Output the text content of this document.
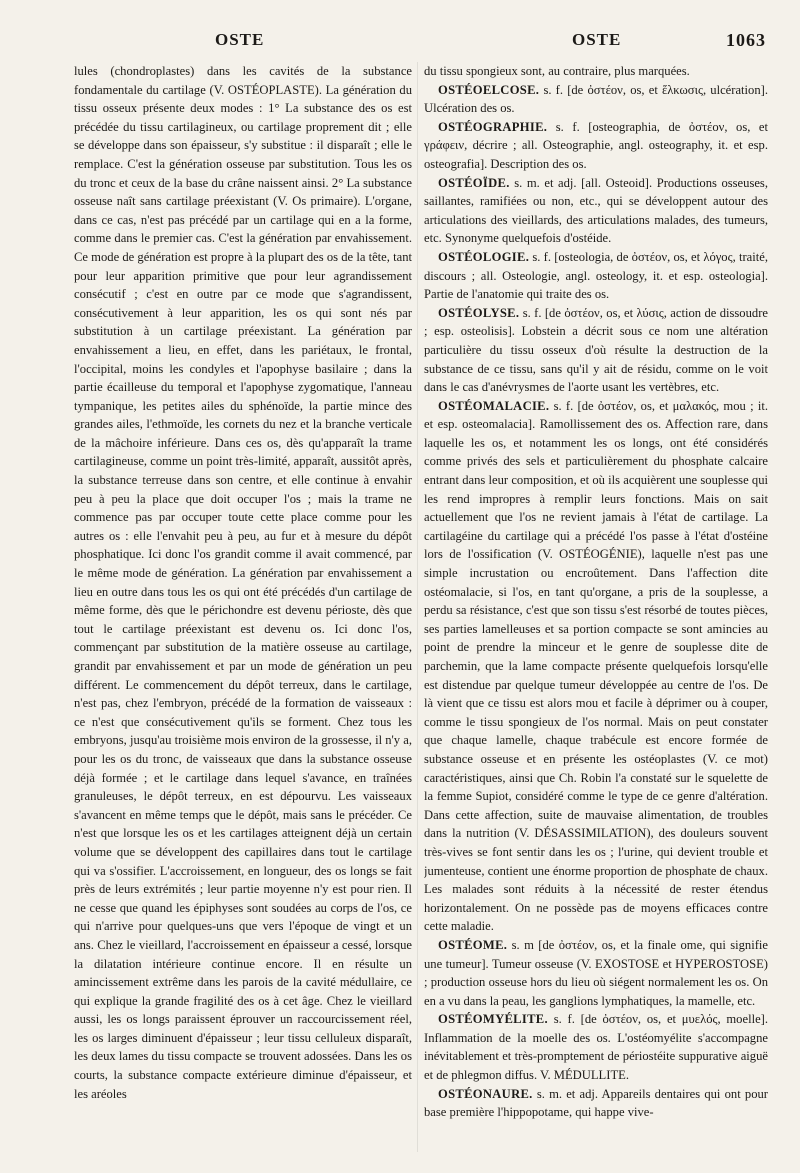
OSTE	OSTE	1063

lules (chondroplastes) dans les cavités de la substance fondamentale du cartilage (V. OSTÉOPLASTE). La génération du tissu osseux présente deux modes : 1° La substance des os est précédée du tissu cartilagineux, ou cartilage proprement dit ; elle se développe dans son épaisseur, s'y substitue : il disparaît ; elle le remplace. C'est la génération osseuse par substitution. Tous les os du tronc et ceux de la base du crâne naissent ainsi. 2° La substance osseuse naît sans cartilage préexistant (V. Os primaire). L'organe, dans ce cas, n'est pas précédé par un cartilage qui en a la forme, comme dans le premier cas. C'est la génération par envahissement. Ce mode de génération est propre à la plupart des os de la tête, tant pour leur apparition primitive que pour leur agrandissement consécutif ; c'est en outre par ce mode que s'agrandissent, consécutivement à leur apparition, les os qui sont nés par substitution à un cartilage préexistant. La génération par envahissement a lieu, en effet, dans les pariétaux, le frontal, l'occipital, moins les condyles et l'apophyse basilaire ; dans la partie écailleuse du temporal et l'apophyse zygomatique, l'anneau tympanique, les petites ailes du sphénoïde, la partie mince des grandes ailes, l'ethmoïde, les cornets du nez et la branche verticale de la mâchoire inférieure. Dans ces os, dès qu'apparaît la trame cartilagineuse, comme un point très-limité, apparaît, aussitôt après, la substance terreuse dans son centre, et elle continue à envahir peu à peu la place que doit occuper l'os ; mais la trame ne commence pas par occuper toute cette place comme pour les autres os : elle l'envahit peu à peu, au fur et à mesure du dépôt phosphatique. Ici donc l'os grandit comme il avait commencé, par le même mode de génération. La génération par envahissement a lieu en outre dans tous les os qui ont été précédés d'un cartilage de même forme, dès que le périchondre est devenu périoste, dès que tout le cartilage préexistant est devenu os. Ici donc l'os, commençant par substitution de la matière osseuse au cartilage, grandit par envahissement et par un mode de génération un peu différent. Le commencement du dépôt terreux, dans le cartilage, n'est pas, chez l'embryon, précédé de la formation de vaisseaux : ce n'est que consécutivement qu'ils se forment. Chez tous les embryons, jusqu'au troisième mois environ de la grossesse, il n'y a, pour les os du tronc, de vaisseaux que dans la substance osseuse déjà formée ; et le cartilage dans lequel s'avance, en traînées granuleuses, le dépôt terreux, en est dépourvu. Les vaisseaux s'avancent en même temps que le dépôt, mais sans le précéder. Ce n'est que lorsque les os et les cartilages atteignent déjà un certain volume que se développent des capillaires dans tout le cartilage qui va s'ossifier. L'accroissement, en longueur, des os longs se fait près de leurs extrémités ; leur partie moyenne n'y est pour rien. Il ne cesse que quand les épiphyses sont soudées au corps de l'os, ce qui n'arrive pour quelques-uns que vers l'époque de vingt et un ans. Chez le vieillard, l'accroissement en épaisseur a cessé, lorsque la dilatation intérieure continue encore. Il en résulte un amincissement extrême dans les parois de la cavité médullaire, ce qui explique la grande fragilité des os à cet âge. Chez le vieillard aussi, les os longs paraissent éprouver un raccourcissement réel, les os larges diminuent d'épaisseur ; leur tissu celluleux disparaît, les deux lames du tissu compacte se trouvent adossées. Dans les os courts, la substance compacte extérieure diminue d'épaisseur, et les aréoles

du tissu spongieux sont, au contraire, plus marquées.

OSTÉOELCOSE. s. f. [de ὀστέον, os, et ἕλκωσις, ulcération]. Ulcération des os.

OSTÉOGRAPHIE. s. f. [osteographia, de ὀστέον, os, et γράφειν, décrire ; all. Osteographie, angl. osteography, it. et esp. osteografia]. Description des os.

OSTÉOÏDE. s. m. et adj. [all. Osteoid]. Productions osseuses, saillantes, ramifiées ou non, etc., qui se développent autour des articulations des vieillards, des articulations malades, des tumeurs, etc. Synonyme quelquefois d'ostéide.

OSTÉOLOGIE. s. f. [osteologia, de ὀστέον, os, et λόγος, traité, discours ; all. Osteologie, angl. osteology, it. et esp. osteologia]. Partie de l'anatomie qui traite des os.

OSTÉOLYSE. s. f. [de ὀστέον, os, et λύσις, action de dissoudre ; esp. osteolisis]. Lobstein a décrit sous ce nom une altération particulière du tissu osseux d'où résulte la destruction de la substance de ce tissu, sans qu'il y ait de résidu, comme on le voit dans le cas d'anévrysmes de l'aorte usant les vertèbres, etc.

OSTÉOMALACIE. s. f. [de ὀστέον, os, et μαλακός, mou ; it. et esp. osteomalacia]. Ramollissement des os. Affection rare, dans laquelle les os, et notamment les os longs, ont été considérés comme privés des sels et particulièrement du phosphate calcaire entrant dans leur composition, et où ils acquièrent une souplesse qui les rend impropres à remplir leurs fonctions. Mais on sait actuellement que l'os ne revient jamais à l'état de cartilage. La cartilagéine du cartilage qui a précédé l'os passe à l'état d'ostéine lors de l'ossification (V. OSTÉOGÉNIE), laquelle n'est pas une simple incrustation ou encroûtement. Dans l'affection dite ostéomalacie, si l'os, en tant qu'organe, a pris de la souplesse, a perdu sa résistance, c'est que son tissu s'est résorbé de toutes pièces, ses parties lamelleuses et sa portion compacte se sont amincies au point de prendre la minceur et le genre de souplesse dite de parchemin, que la lame compacte présente quelquefois lorsqu'elle est distendue par quelque tumeur développée au centre de l'os. De là vient que ce tissu est alors mou et facile à déprimer ou à couper, comme le tissu spongieux de l'os normal. Mais on peut constater que chaque lamelle, chaque trabécule est encore formée de substance osseuse et en présente les ostéoplastes (V. ce mot) caractéristiques, ainsi que Ch. Robin l'a constaté sur le squelette de la femme Supiot, considéré comme le type de ce genre d'altération. Dans cette affection, suite de mauvaise alimentation, de troubles dans la nutrition (V. DÉSASSIMILATION), des douleurs souvent très-vives se font sentir dans les os ; l'urine, qui devient trouble et jumenteuse, contient une énorme proportion de phosphate de chaux. Les malades sont réduits à la nécessité de rester étendus horizontalement. On ne possède pas de moyens efficaces contre cette maladie.

OSTÉOME. s. m [de ὀστέον, os, et la finale ome, qui signifie une tumeur]. Tumeur osseuse (V. EXOSTOSE et HYPEROSTOSE) ; production osseuse hors du lieu où siégent normalement les os. On en a vu dans la peau, les ganglions lymphatiques, la mamelle, etc.

OSTÉOMYÉLITE. s. f. [de ὀστέον, os, et μυελός, moelle]. Inflammation de la moelle des os. L'ostéomyélite s'accompagne inévitablement et très-promptement de périostéite suppurative aiguë et de phlegmon diffus. V. MÉDULLITE.

OSTÉONAURE. s. m. et adj. Appareils dentaires qui ont pour base première l'hippopotame, qui happe vive-
